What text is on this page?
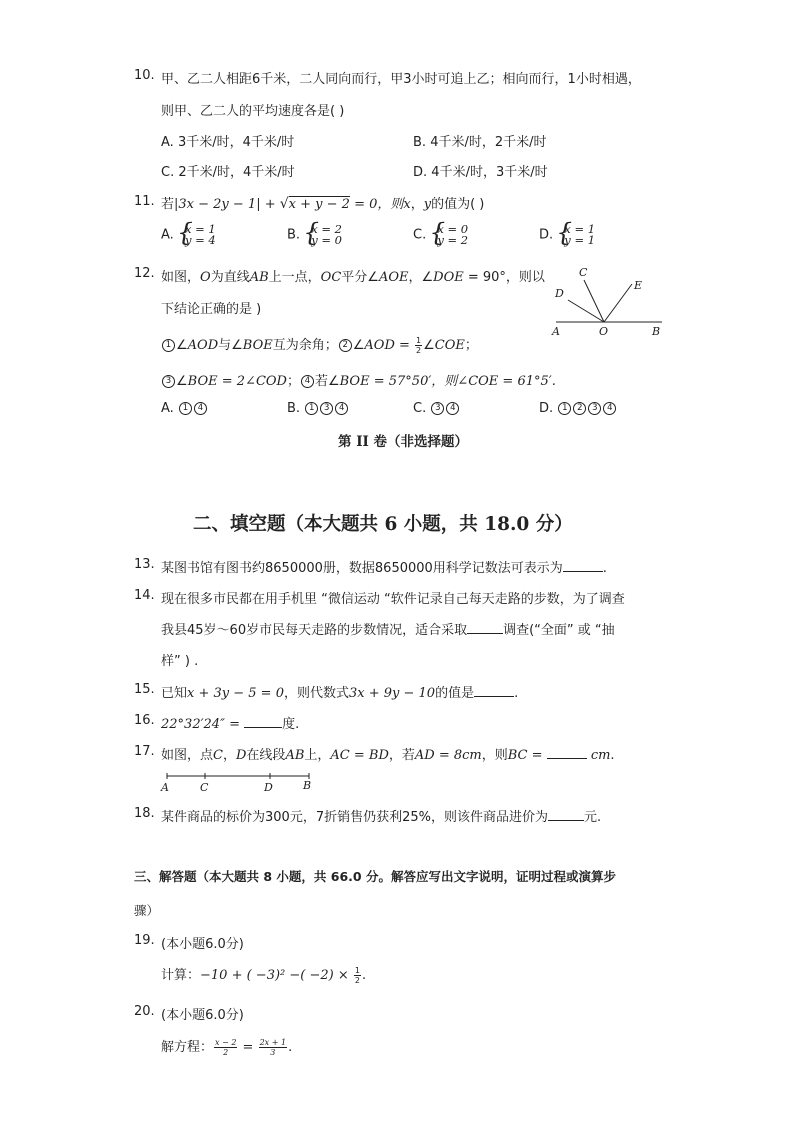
10. 甲、乙二人相距6千米，二人同向而行，甲3小时可追上乙；相向而行，1小时相遇，
则甲、乙二人的平均速度各是( )
A. 3千米/时，4千米/时	B. 4千米/时，2千米/时
C. 2千米/时，4千米/时	D. 4千米/时，3千米/时
11. 若|3x − 2y − 1| + √x + y − 2 = 0，则x，y的值为( )
A. { x = 1
y = 4	B. { x = 2
y = 0	C. { x = 0
y = 2	D. { x = 1
y = 1
12. 如图，O为直线AB上一点，OC平分∠AOE，∠DOE = 90°，则以
下结论正确的是 )
A	O	B
C
D
E
1 ∠AOD与∠BOE互为余角； 2 ∠AOD = $\frac{1}{2}$ ∠COE；
3 ∠BOE = 2∠COD； 4 若∠BOE = 57°50′，则∠COE = 61°5′.
A. 1 4	B. 1 3 4	C. 3 4	D. 1 2 3 4
第 II 卷（非选择题）
二、填空题（本大题共 6 小题，共 18.0 分）
13. 某图书馆有图书约8650000册，数据8650000用科学记数法可表示为	.
14. 现在很多市民都在用手机里 “微信运动 “软件记录自己每天走路的步数，为了调查
我县45岁～60岁市民每天走路的步数情况，适合采取	调查(“全面” 或 “抽
样” ) .
15. 已知x + 3y − 5 = 0，则代数式3x + 9y − 10的值是	.
16. 22°32′24″ =	度.
17. 如图，点C，D在线段AB上，AC = BD，若AD = 8cm，则BC =	cm.
A	C	D	B
18. 某件商品的标价为300元，7折销售仍获利25%，则该件商品进价为	元.
三、解答题（本大题共 8 小题，共 66.0 分。解答应写出文字说明，证明过程或演算步
骤）
19. (本小题6.0分)
计算：−10 + ( −3)² −( $-2) \times \frac{1}{2}$ .
20. (本小题6.0分)
解方程： $\frac{x - 2}{2} = \frac{2x + 1}{3}$ .
